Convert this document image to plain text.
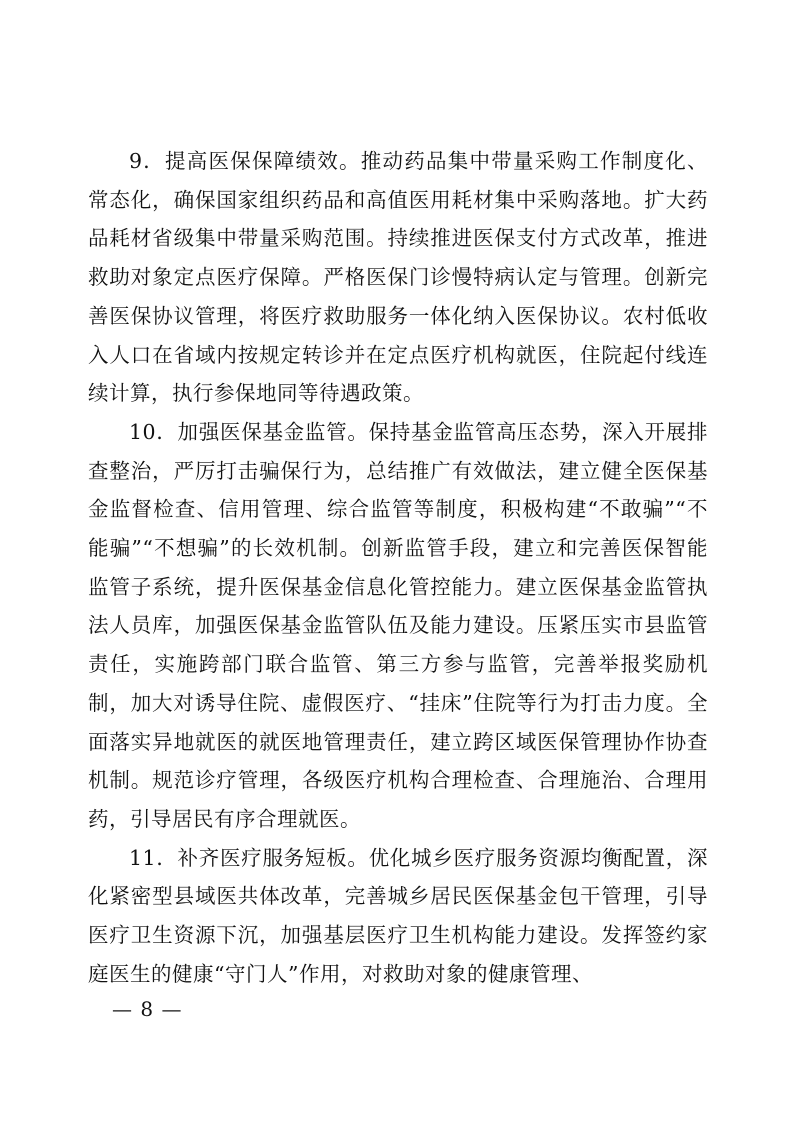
9．提高医保保障绩效。推动药品集中带量采购工作制度化、常态化，确保国家组织药品和高值医用耗材集中采购落地。扩大药品耗材省级集中带量采购范围。持续推进医保支付方式改革，推进救助对象定点医疗保障。严格医保门诊慢特病认定与管理。创新完善医保协议管理，将医疗救助服务一体化纳入医保协议。农村低收入人口在省域内按规定转诊并在定点医疗机构就医，住院起付线连续计算，执行参保地同等待遇政策。

10．加强医保基金监管。保持基金监管高压态势，深入开展排查整治，严厉打击骗保行为，总结推广有效做法，建立健全医保基金监督检查、信用管理、综合监管等制度，积极构建“不敢骗”“不能骗”“不想骗”的长效机制。创新监管手段，建立和完善医保智能监管子系统，提升医保基金信息化管控能力。建立医保基金监管执法人员库，加强医保基金监管队伍及能力建设。压紧压实市县监管责任，实施跨部门联合监管、第三方参与监管，完善举报奖励机制，加大对诱导住院、虚假医疗、“挂床”住院等行为打击力度。全面落实异地就医的就医地管理责任，建立跨区域医保管理协作协查机制。规范诊疗管理，各级医疗机构合理检查、合理施治、合理用药，引导居民有序合理就医。

11．补齐医疗服务短板。优化城乡医疗服务资源均衡配置，深化紧密型县域医共体改革，完善城乡居民医保基金包干管理，引导医疗卫生资源下沉，加强基层医疗卫生机构能力建设。发挥签约家庭医生的健康“守门人”作用，对救助对象的健康管理、

— 8 —
